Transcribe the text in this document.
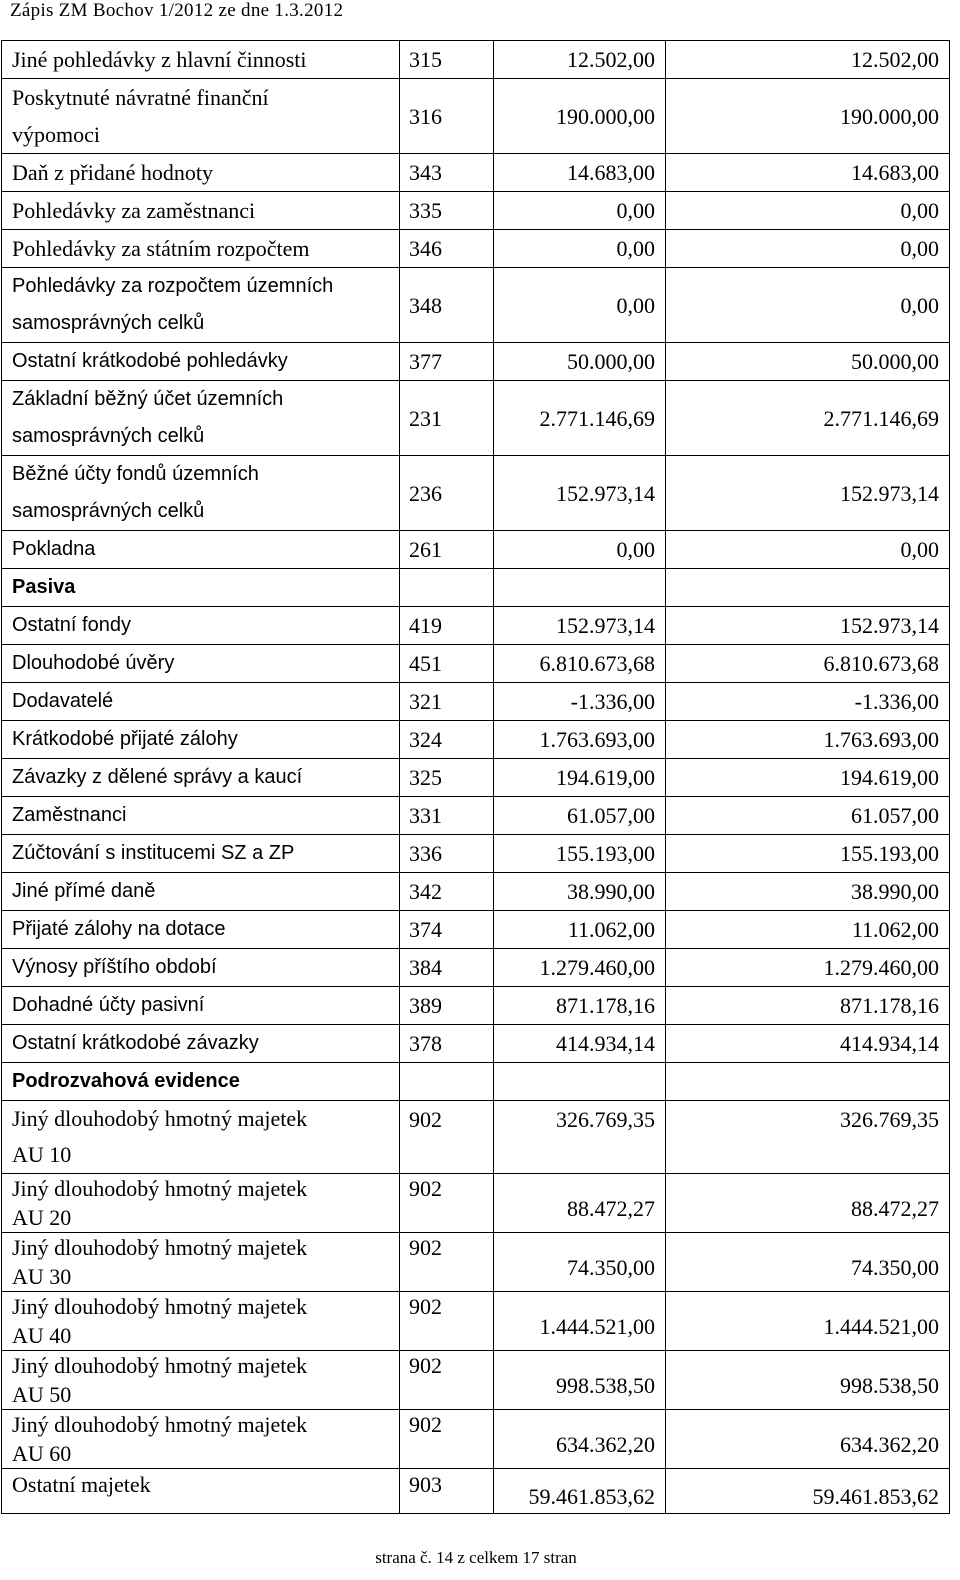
Zápis ZM Bochov 1/2012 ze dne 1.3.2012
Jiné pohledávky z hlavní činnosti	315	12.502,00	12.502,00

Poskytnuté návratné finanční
výpomoci	316	190.000,00	190.000,00

Daň z přidané hodnoty	343	14.683,00	14.683,00

Pohledávky za zaměstnanci	335	0,00	0,00

Pohledávky za státním rozpočtem	346	0,00	0,00

Pohledávky za rozpočtem územních
samosprávných celků	348	0,00	0,00

Ostatní krátkodobé pohledávky	377	50.000,00	50.000,00

Základní běžný účet územních
samosprávných celků	231	2.771.146,69	2.771.146,69

Běžné účty fondů územních
samosprávných celků	236	152.973,14	152.973,14

Pokladna	261	0,00	0,00
Pasiva			

Ostatní fondy	419	152.973,14	152.973,14

Dlouhodobé úvěry	451	6.810.673,68	6.810.673,68

Dodavatelé	321	-1.336,00	-1.336,00

Krátkodobé přijaté zálohy	324	1.763.693,00	1.763.693,00

Závazky z dělené správy a kaucí	325	194.619,00	194.619,00

Zaměstnanci	331	61.057,00	61.057,00

Zúčtování s institucemi SZ a ZP	336	155.193,00	155.193,00

Jiné přímé daně	342	38.990,00	38.990,00

Přijaté zálohy na dotace	374	11.062,00	11.062,00

Výnosy příštího období	384	1.279.460,00	1.279.460,00

Dohadné účty pasivní	389	871.178,16	871.178,16

Ostatní krátkodobé závazky	378	414.934,14	414.934,14
Podrozvahová evidence			

Jiný dlouhodobý hmotný majetek
AU 10	902	326.769,35	326.769,35

Jiný dlouhodobý hmotný majetek
AU 20	902	88.472,27	88.472,27

Jiný dlouhodobý hmotný majetek
AU 30	902	74.350,00	74.350,00

Jiný dlouhodobý hmotný majetek
AU 40	902	1.444.521,00	1.444.521,00

Jiný dlouhodobý hmotný majetek
AU 50	902	998.538,50	998.538,50

Jiný dlouhodobý hmotný majetek
AU 60	902	634.362,20	634.362,20

Ostatní majetek	903	59.461.853,62	59.461.853,62
strana č. 14 z celkem 17 stran
